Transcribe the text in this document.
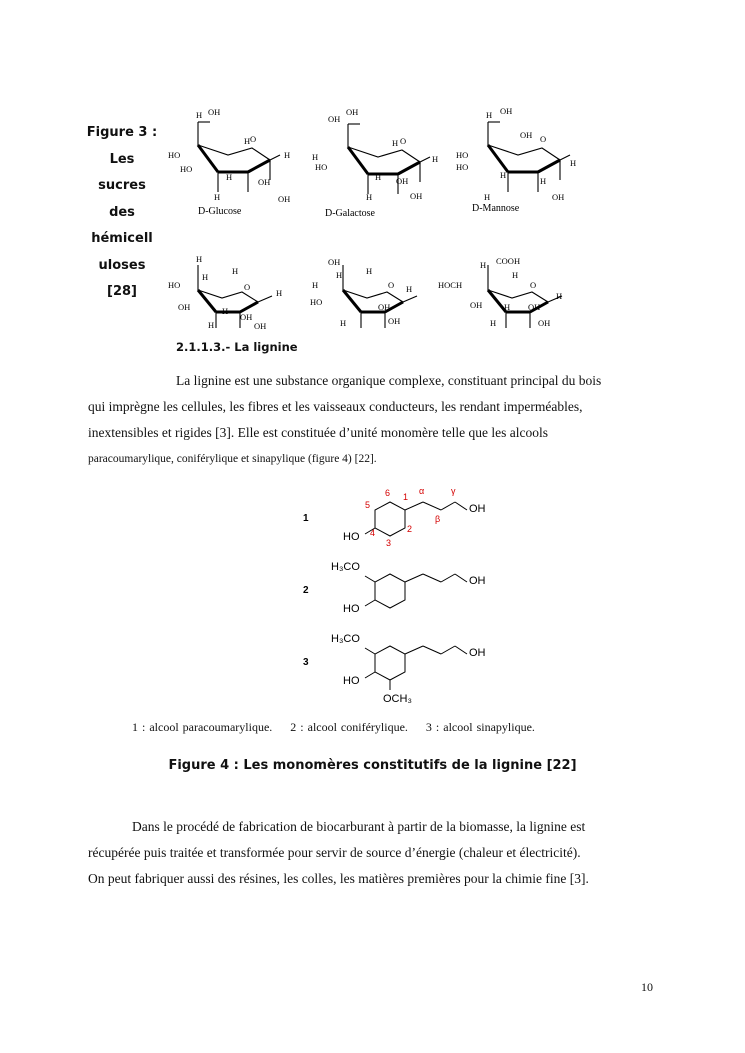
Figure 3 :
Les
sucres
des
hémicell
uloses
[28]
H OH
O
HO
HO
H
H
OH
H
H	OH
OH
OH
O
H
HO
H
H
OH
H
H	OH
H OH
O
HO
HO
H
OH
H
H
H	OH
H
H
H
HO
OH	H
O
OH
H
H	OH
OH
H	H
H
HO
O
OH
H
H	OH
H COOH
H
HOCH
OH
O
H OH
H
H	OH
D-Glucose	D-Galactose	D-Mannose
2.1.1.3.- La lignine
La lignine est une substance organique complexe, constituant principal du bois
qui imprègne les cellules, les fibres et les vaisseaux conducteurs, les rendant imperméables,
inextensibles et rigides [3]. Elle est constituée d’unité monomère telle que les alcools
paracoumarylique, coniférylique et sinapylique (figure 4) [22].
OH
HO
H₃CO
OH
HO
H₃CO
OH
HO
OCH₃
6 1
5
4
3
2
α
β
γ
1
2
3
1 : alcool paracoumarylique. 2 : alcool coniférylique. 3 : alcool sinapylique.
Figure 4 : Les monomères constitutifs de la lignine [22]
Dans le procédé de fabrication de biocarburant à partir de la biomasse, la lignine est
récupérée puis traitée et transformée pour servir de source d’énergie (chaleur et électricité).
On peut fabriquer aussi des résines, les colles, les matières premières pour la chimie fine [3].
10
